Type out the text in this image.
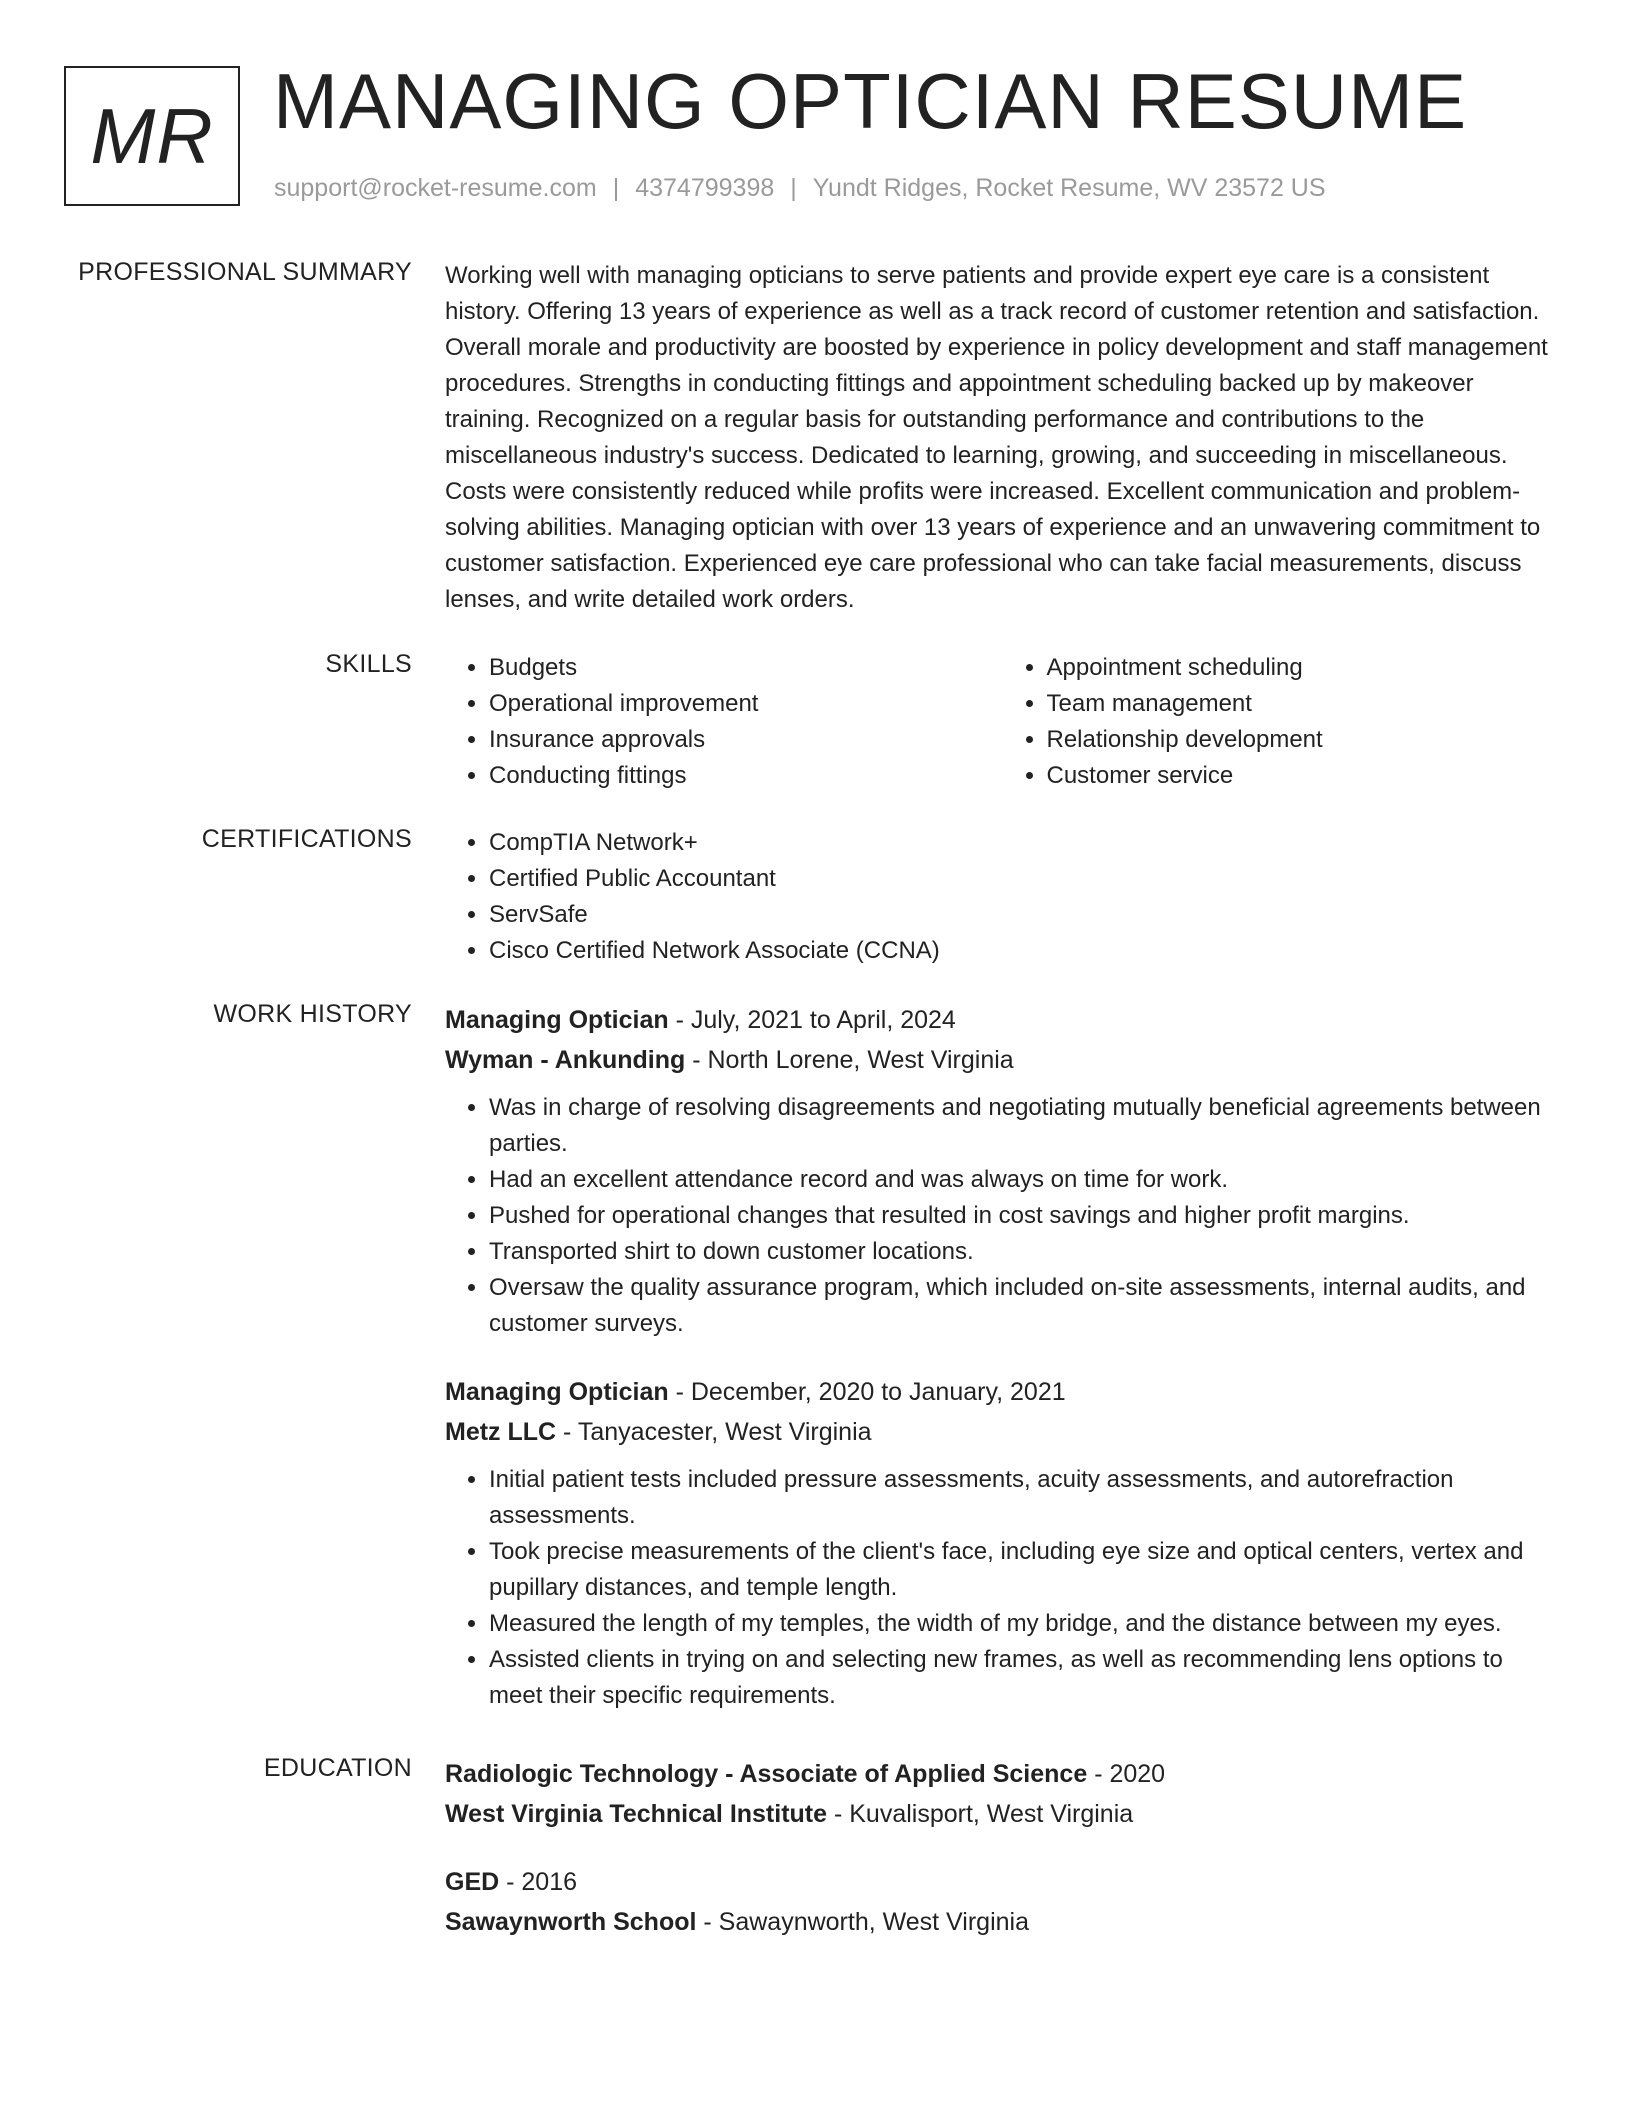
MR MANAGING OPTICIAN RESUME
support@rocket-resume.com | 4374799398 | Yundt Ridges, Rocket Resume, WV 23572 US
PROFESSIONAL SUMMARY Working well with managing opticians to serve patients and provide expert eye care is a consistent history. Offering 13 years of experience as well as a track record of customer retention and satisfaction. Overall morale and productivity are boosted by experience in policy development and staff management procedures. Strengths in conducting fittings and appointment scheduling backed up by makeover training. Recognized on a regular basis for outstanding performance and contributions to the miscellaneous industry's success. Dedicated to learning, growing, and succeeding in miscellaneous. Costs were consistently reduced while profits were increased. Excellent communication and problem-solving abilities. Managing optician with over 13 years of experience and an unwavering commitment to customer satisfaction. Experienced eye care professional who can take facial measurements, discuss lenses, and write detailed work orders.

SKILLS	• Budgets
• Operational improvement
• Insurance approvals
• Conducting fittings
• Appointment scheduling
• Team management
• Relationship development
• Customer service
CERTIFICATIONS	• CompTIA Network+
• Certified Public Accountant
• ServSafe
• Cisco Certified Network Associate (CCNA)
WORK HISTORY Managing Optician - July, 2021 to April, 2024
Wyman - Ankunding - North Lorene, West Virginia
• Was in charge of resolving disagreements and negotiating mutually beneficial agreements between parties.
• Had an excellent attendance record and was always on time for work.
• Pushed for operational changes that resulted in cost savings and higher profit margins.
• Transported shirt to down customer locations.
• Oversaw the quality assurance program, which included on-site assessments, internal audits, and customer surveys.
Managing Optician - December, 2020 to January, 2021
Metz LLC - Tanyacester, West Virginia
• Initial patient tests included pressure assessments, acuity assessments, and autorefraction assessments.
• Took precise measurements of the client's face, including eye size and optical centers, vertex and pupillary distances, and temple length.
• Measured the length of my temples, the width of my bridge, and the distance between my eyes.
• Assisted clients in trying on and selecting new frames, as well as recommending lens options to meet their specific requirements.
EDUCATION Radiologic Technology - Associate of Applied Science - 2020
West Virginia Technical Institute - Kuvalisport, West Virginia
GED - 2016
Sawaynworth School - Sawaynworth, West Virginia
